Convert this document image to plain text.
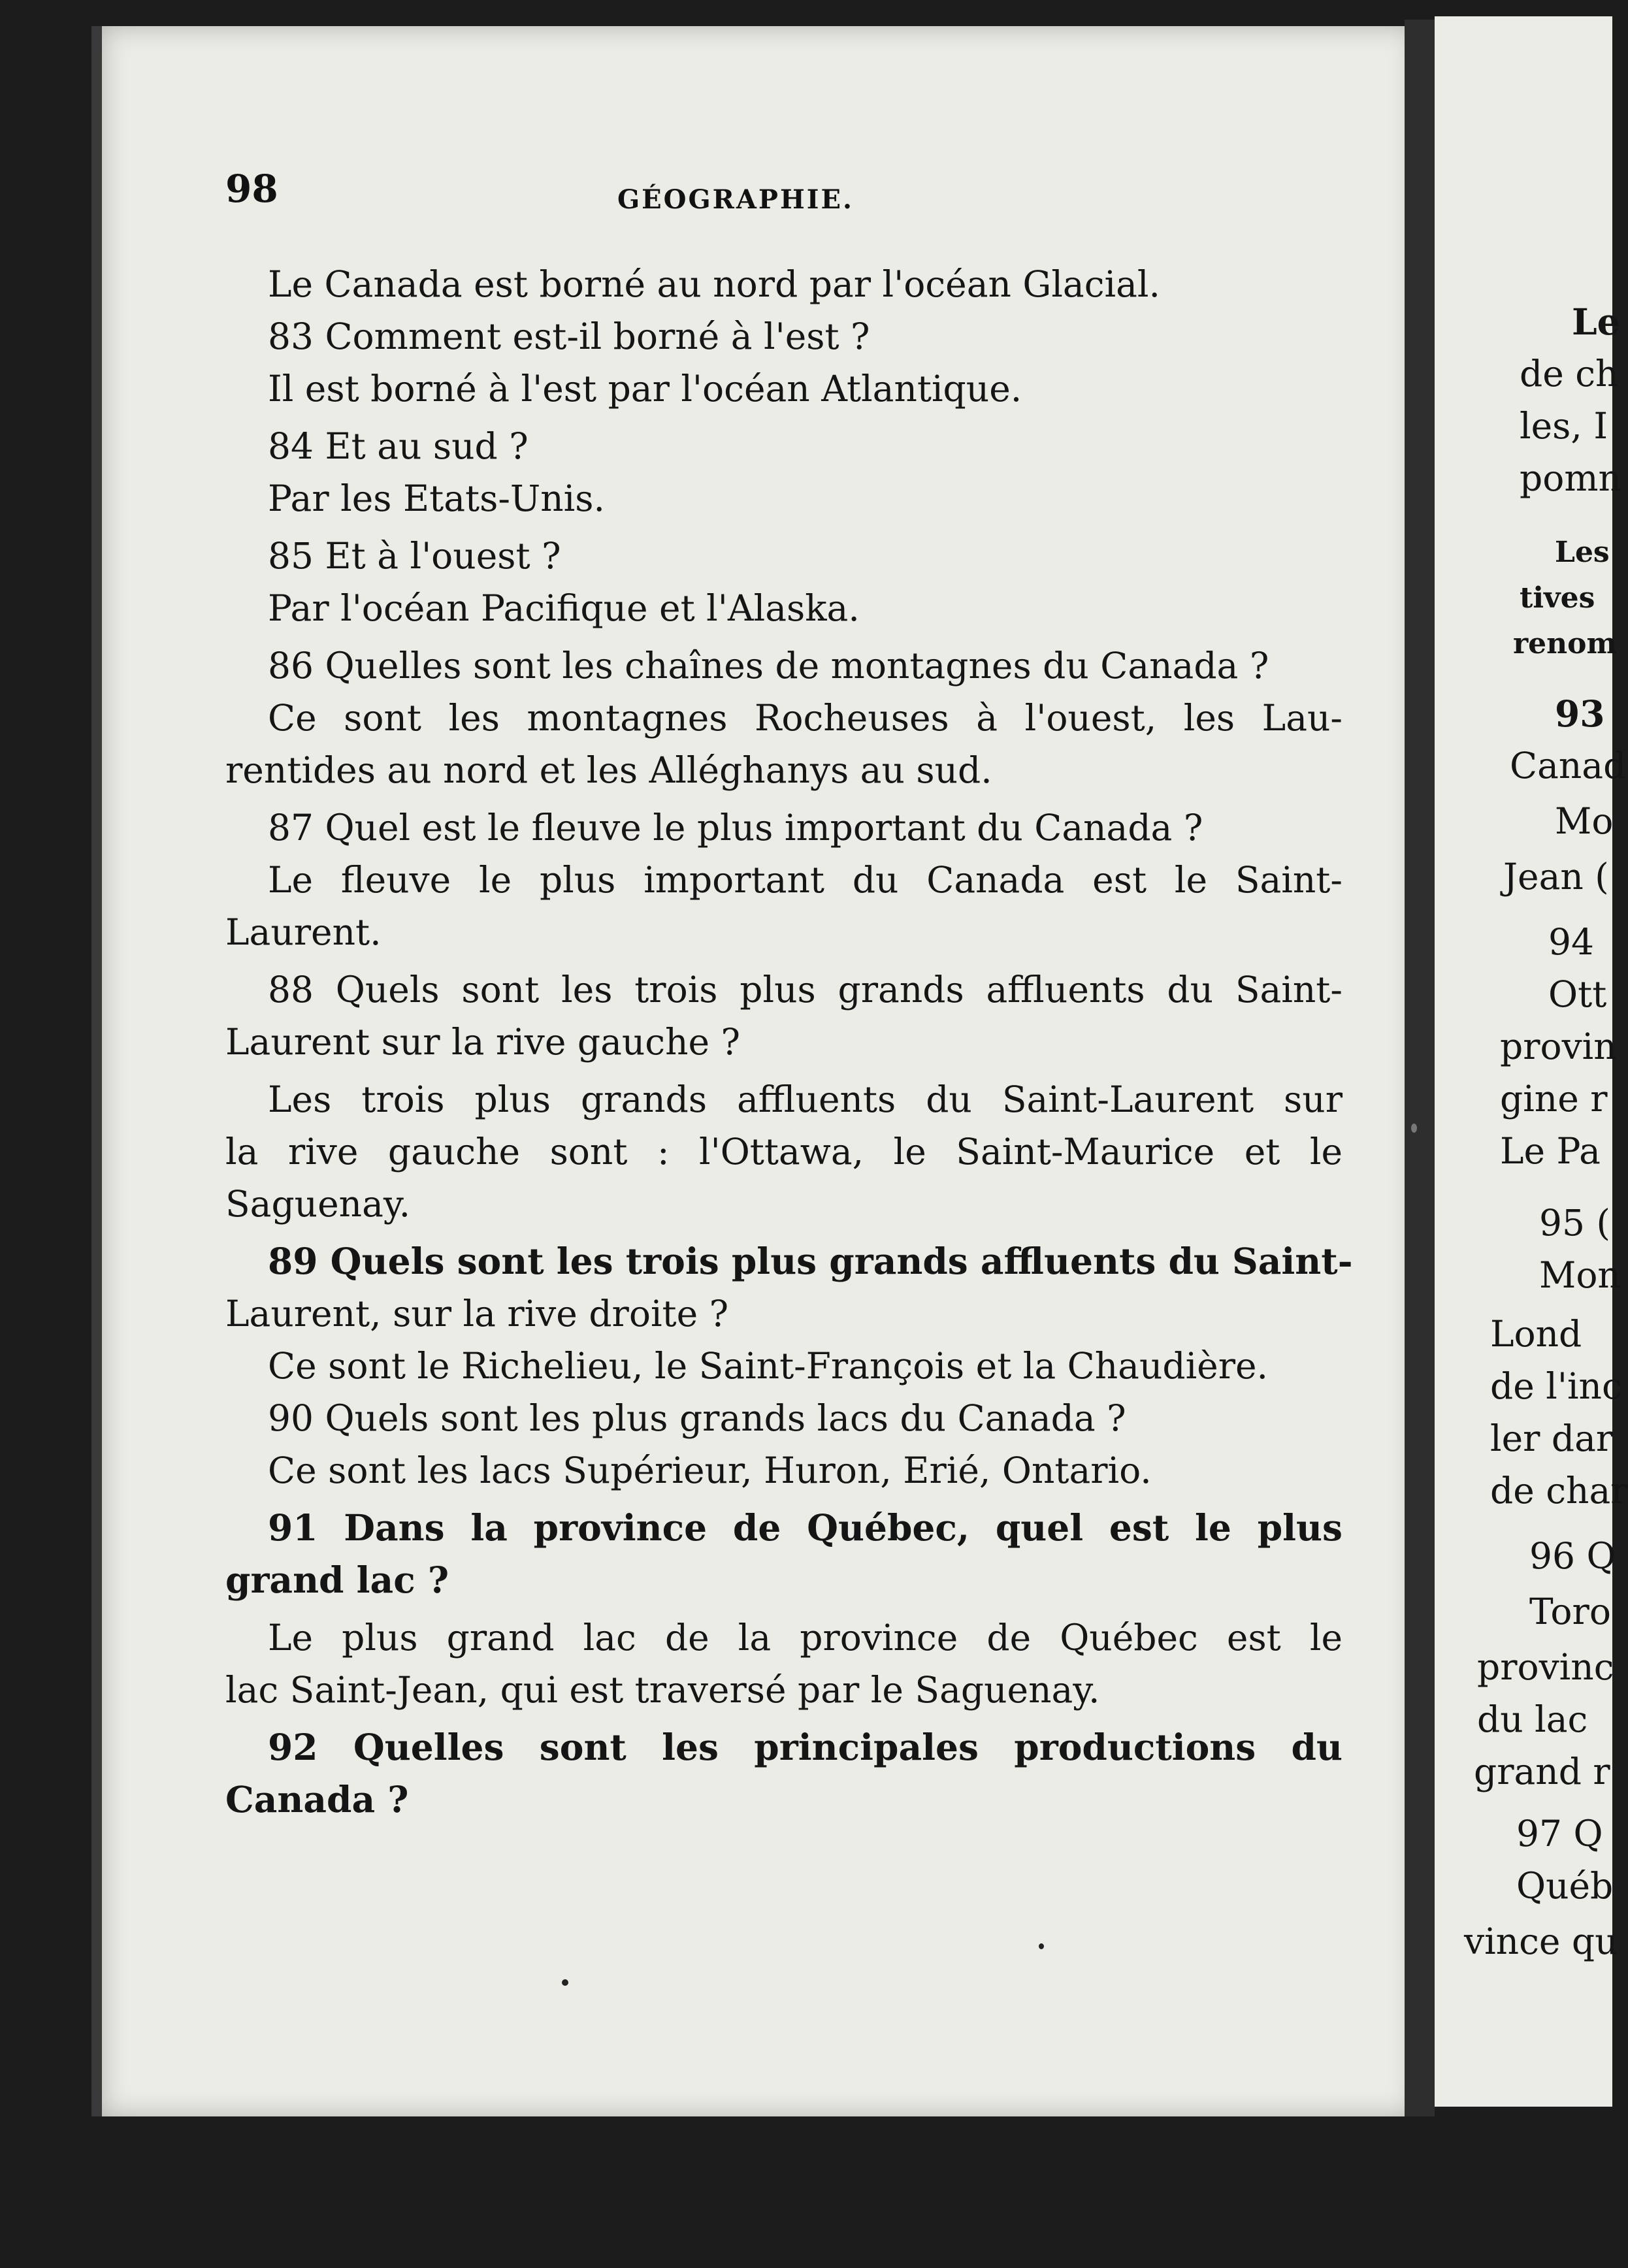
Le
de ch
les, I
pomn
Les
tives
renom
93
Canad
Mo
Jean (
94
Ott
provin
gine r
Le Pa
95 (
Mon
Lond
de l'inc
ler dar
de char
96 Q
Toro
provinc
du lac
grand r
97 Q
Québ
vince qu
98	GÉOGRAPHIE.
Le Canada est borné au nord par l'océan Glacial.
83 Comment est-il borné à l'est ?
Il est borné à l'est par l'océan Atlantique.
84 Et au sud ?
Par les Etats-Unis.
85 Et à l'ouest ?
Par l'océan Pacifique et l'Alaska.
86 Quelles sont les chaînes de montagnes du Canada ?
Ce sont les montagnes Rocheuses à l'ouest, les Lau-
rentides au nord et les Alléghanys au sud.
87 Quel est le fleuve le plus important du Canada ?
Le fleuve le plus important du Canada est le Saint-
Laurent.
88 Quels sont les trois plus grands affluents du Saint-
Laurent sur la rive gauche ?
Les trois plus grands affluents du Saint-Laurent sur
la rive gauche sont : l'Ottawa, le Saint-Maurice et le
Saguenay.
89 Quels sont les trois plus grands affluents du Saint-
Laurent, sur la rive droite ?
Ce sont le Richelieu, le Saint-François et la Chaudière.
90 Quels sont les plus grands lacs du Canada ?
Ce sont les lacs Supérieur, Huron, Erié, Ontario.
91 Dans la province de Québec, quel est le plus
grand lac ?
Le plus grand lac de la province de Québec est le
lac Saint-Jean, qui est traversé par le Saguenay.
92 Quelles sont les principales productions du
Canada ?
